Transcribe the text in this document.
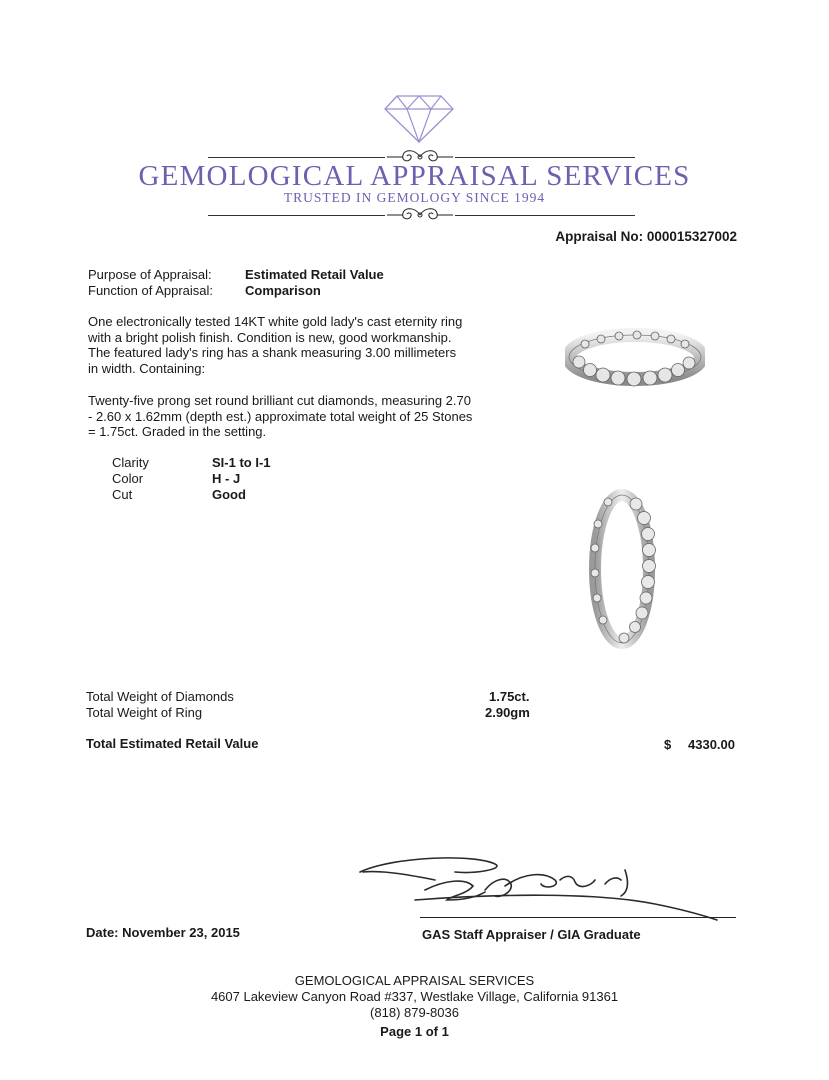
GEMOLOGICAL APPRAISAL SERVICES
TRUSTED IN GEMOLOGY SINCE 1994
Appraisal No: 000015327002
Purpose of Appraisal:	Estimated Retail Value
Function of Appraisal: Comparison
One electronically tested 14KT white gold lady's cast eternity ring
with a bright polish finish. Condition is new, good workmanship.
The featured lady's ring has a shank measuring 3.00 millimeters
in width. Containing:
Twenty-five prong set round brilliant cut diamonds, measuring 2.70
- 2.60 x 1.62mm (depth est.) approximate total weight of 25 Stones
= 1.75ct. Graded in the setting.
Clarity	SI-1 to I-1
Color	H - J
Cut	Good
Total Weight of Diamonds	1.75ct.
Total Weight of Ring	2.90gm
Total Estimated Retail Value	$ 4330.00
Date: November 23, 2015	GAS Staff Appraiser / GIA Graduate
GEMOLOGICAL APPRAISAL SERVICES
4607 Lakeview Canyon Road #337, Westlake Village, California 91361
(818) 879-8036
Page 1 of 1
